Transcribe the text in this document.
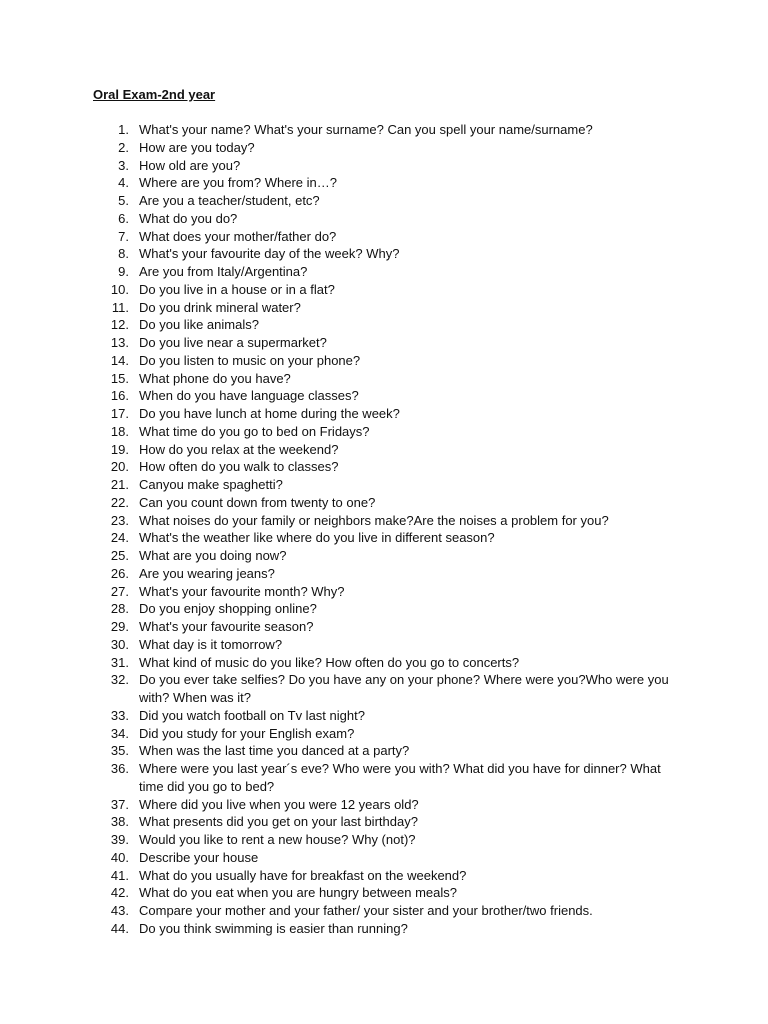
Oral Exam-2nd year
1. What's your name? What's your surname? Can you spell your name/surname?
2. How are you today?
3. How old are you?
4. Where are you from? Where in…?
5. Are you a teacher/student, etc?
6. What do you do?
7. What does your mother/father do?
8. What's your favourite day of the week? Why?
9. Are you from Italy/Argentina?
10. Do you live in a house or in a flat?
11. Do you drink mineral water?
12. Do you like animals?
13. Do you live near a supermarket?
14. Do you listen to music on your phone?
15. What phone do you have?
16. When do you have language classes?
17. Do you have lunch at home during the week?
18. What time do you go to bed on Fridays?
19. How do you relax at the weekend?
20. How often do you walk to classes?
21. Canyou make spaghetti?
22. Can you count down from twenty to one?
23. What noises do your family or neighbors make?Are the noises a problem for you?
24. What's the weather like where do you live in different season?
25. What are you doing now?
26. Are you wearing jeans?
27. What's your favourite month? Why?
28. Do you enjoy shopping online?
29. What's your favourite season?
30. What day is it tomorrow?
31. What kind of music do you like? How often do you go to concerts?
32. Do you ever take selfies? Do you have any on your phone? Where were you?Who were you with? When was it?
33. Did you watch football on Tv last night?
34. Did you study for your English exam?
35. When was the last time you danced at a party?
36. Where were you last year´s eve? Who were you with? What did you have for dinner? What time did you go to bed?
37. Where did you live when you were 12 years old?
38. What presents did you get on your last birthday?
39. Would you like to rent a new house? Why (not)?
40. Describe your house
41. What do you usually have for breakfast on the weekend?
42. What do you eat when you are hungry between meals?
43. Compare your mother and your father/ your sister and your brother/two friends.
44. Do you think swimming is easier than running?
